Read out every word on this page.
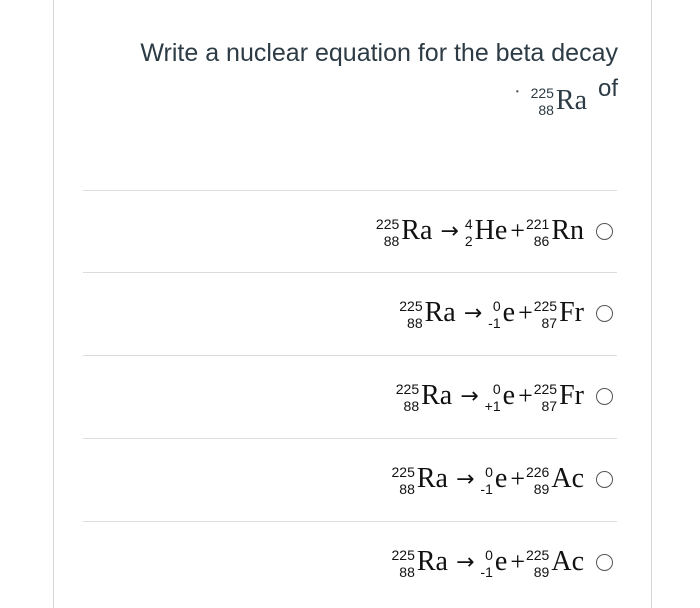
Write a nuclear equation for the beta decay
· 225
88 Ra of
225
88 Ra → 4
2 He + 221
86 Rn
225
88 Ra → 0
-1 e + 225
87 Fr
225
88 Ra →	0
+1 e + 225
87 Fr
225
88 Ra → 0
-1 e + 226
89 Ac
225
88 Ra → 0
-1 e + 225
89 Ac
